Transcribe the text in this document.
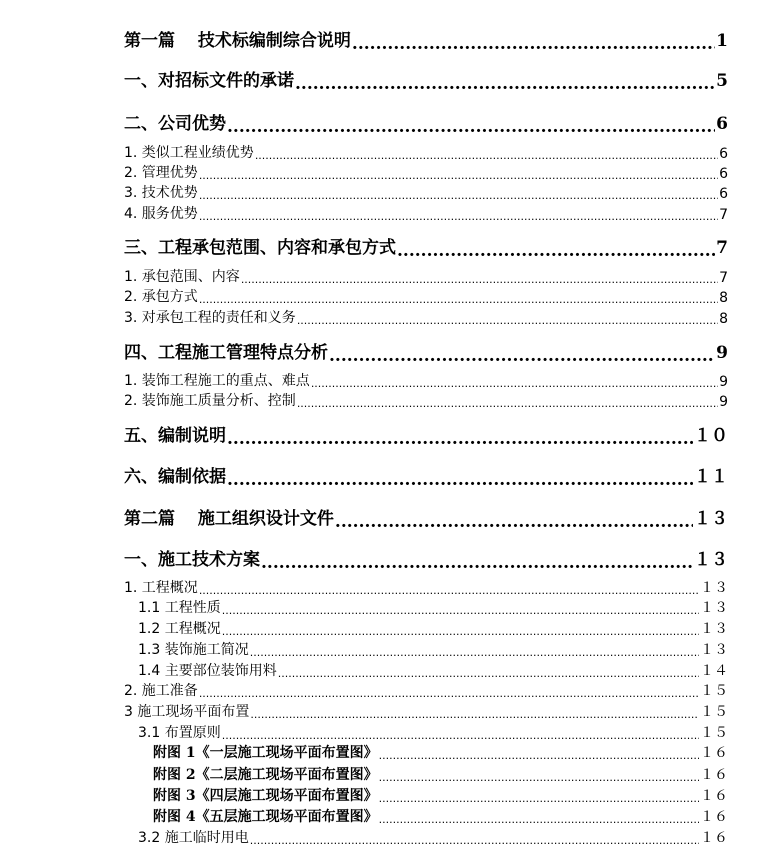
第一篇　 技术标编制综合说明 .....	1
一、对招标文件的承诺 .....	5
二、公司优势 .....	6
1. 类似工程业绩优势 .....	6
2. 管理优势 .....	6
3. 技术优势 .....	6
4. 服务优势 .....	7
三、工程承包范围、内容和承包方式 .....	7
1. 承包范围、内容 .....	7
2. 承包方式 .....	8
3. 对承包工程的责任和义务 .....	8
四、工程施工管理特点分析 .....	9
1. 装饰工程施工的重点、难点 .....	9
2. 装饰施工质量分析、控制 .....	9
五、编制说明 .....	１０
六、编制依据 .....	１１
第二篇　 施工组织设计文件 .....	１３
一、施工技术方案 .....	１３
1. 工程概况 .....	１３
1.1 工程性质 .....	１３
1.2 工程概况 .....	１３
1.3 装饰施工简况 .....	１３
1.4 主要部位装饰用料 .....	１４
2. 施工准备 .....	１５
3 施工现场平面布置 .....	１５
3.1 布置原则 .....	１５
附图 1《一层施工现场平面布置图》 .....	１６
附图 2《二层施工现场平面布置图》 .....	１６
附图 3《四层施工现场平面布置图》 .....	１６
附图 4《五层施工现场平面布置图》 .....	１６
3.2 施工临时用电 .....	１６
